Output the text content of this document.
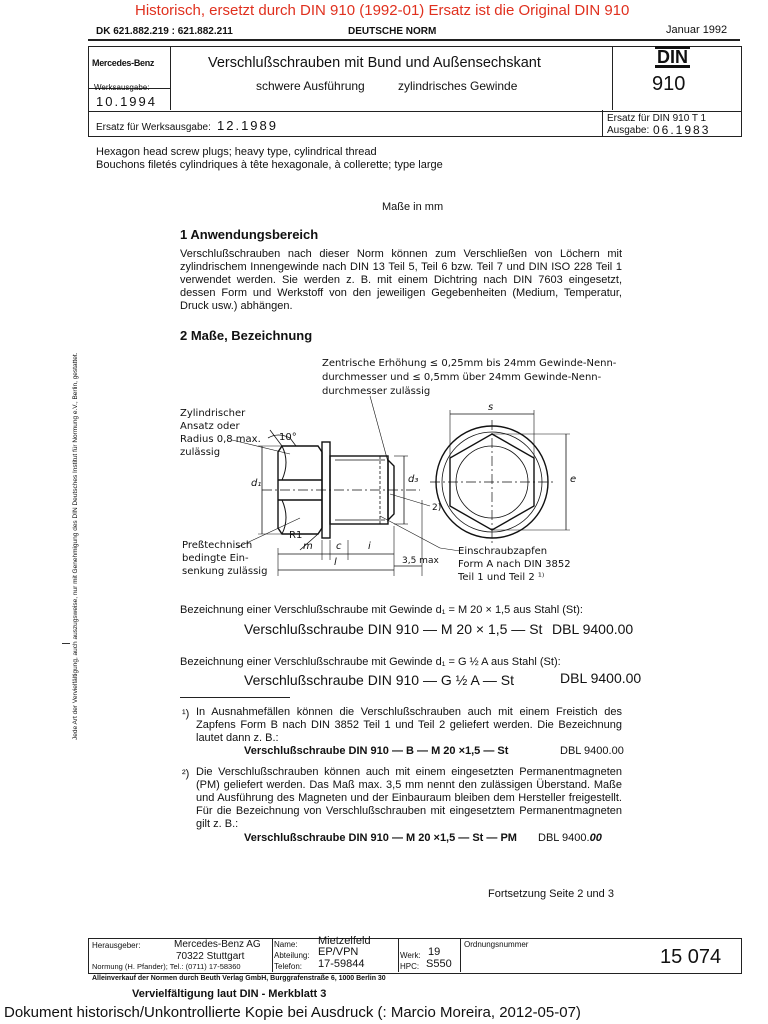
Historisch, ersetzt durch DIN 910 (1992-01) Ersatz ist die Original DIN 910
DK 621.882.219 : 621.882.211	DEUTSCHE NORM	Januar 1992
Mercedes-Benz
Werksausgabe:
10.1994
Verschlußschrauben mit Bund und Außensechskant
schwere Ausführung	zylindrisches Gewinde
DIN
910
Ersatz für Werksausgabe: 12.1989	Ersatz für DIN 910 T 1
Ausgabe: 06.1983
Hexagon head screw plugs; heavy type, cylindrical thread
Bouchons filetés cylindriques à tête hexagonale, à collerette; type large
Maße in mm
1 Anwendungsbereich

Verschlußschrauben nach dieser Norm können zum Verschließen von Löchern mit zylindrischem Innengewinde nach DIN 13 Teil 5, Teil 6 bzw. Teil 7 und DIN ISO 228 Teil 1 verwendet werden. Sie werden z. B. mit einem Dichtring nach DIN 7603 eingesetzt, dessen Form und Werkstoff von den jeweiligen Gegebenheiten (Medium, Temperatur, Druck usw.) abhängen.

2 Maße, Bezeichnung
Zentrische Erhöhung ≤ 0,25mm bis 24mm Gewinde-Nenn-
durchmesser und ≤ 0,5mm über 24mm Gewinde-Nenn-
durchmesser zulässig
Zylindrischer
Ansatz oder
Radius 0,8 max.
zulässig
Preßtechnisch
bedingte Ein-
senkung zulässig
Einschraubzapfen
Form A nach DIN 3852
Teil 1 und Teil 2 ¹⁾
10°
d₁	d₃
s
e
R1
m c	i
l	3,5 max
2)
Bezeichnung einer Verschlußschraube mit Gewinde d₁ = M 20 × 1,5 aus Stahl (St):
Verschlußschraube DIN 910 — M 20 × 1,5 — St DBL 9400.00
Bezeichnung einer Verschlußschraube mit Gewinde d₁ = G ½ A aus Stahl (St):
Verschlußschraube DIN 910 — G ½ A — St	DBL 9400.00
¹) In Ausnahmefällen können die Verschlußschrauben auch mit einem Freistich des Zapfens Form B nach DIN 3852 Teil 1 und Teil 2 geliefert werden. Die Bezeichnung lautet dann z. B.:

Verschlußschraube DIN 910 — B — M 20 ×1,5 — St	DBL 9400.00
²) Die Verschlußschrauben können auch mit einem eingesetzten Permanentmagneten (PM) geliefert werden. Das Maß max. 3,5 mm nennt den zulässigen Überstand. Maße und Ausführung des Magneten und der Einbauraum bleiben dem Hersteller freigestellt. Für die Bezeichnung von Verschlußschrauben mit eingesetztem Permanentmagneten gilt z. B.:

Verschlußschraube DIN 910 — M 20 ×1,5 — St — PM DBL 9400.00
Fortsetzung Seite 2 und 3
Herausgeber:	Mercedes-Benz AG
70322 Stuttgart
Normung (H. Pfander); Tel.: (0711) 17-58360
Name: Mietzelfeld
Abteilung: EP/VPN
Telefon: 17-59844
Werk: 19
HPC: S550
Ordnungsnummer
15 074
Alleinverkauf der Normen durch Beuth Verlag GmbH, Burggrafenstraße 6, 1000 Berlin 30
Vervielfältigung laut DIN - Merkblatt 3
Dokument historisch/Unkontrollierte Kopie bei Ausdruck (: Marcio Moreira, 2012-05-07)
Jede Art der Vervielfältigung, auch auszugsweise, nur mit Genehmigung des DIN Deutsches Institut für Normung e.V., Berlin, gestattet.
